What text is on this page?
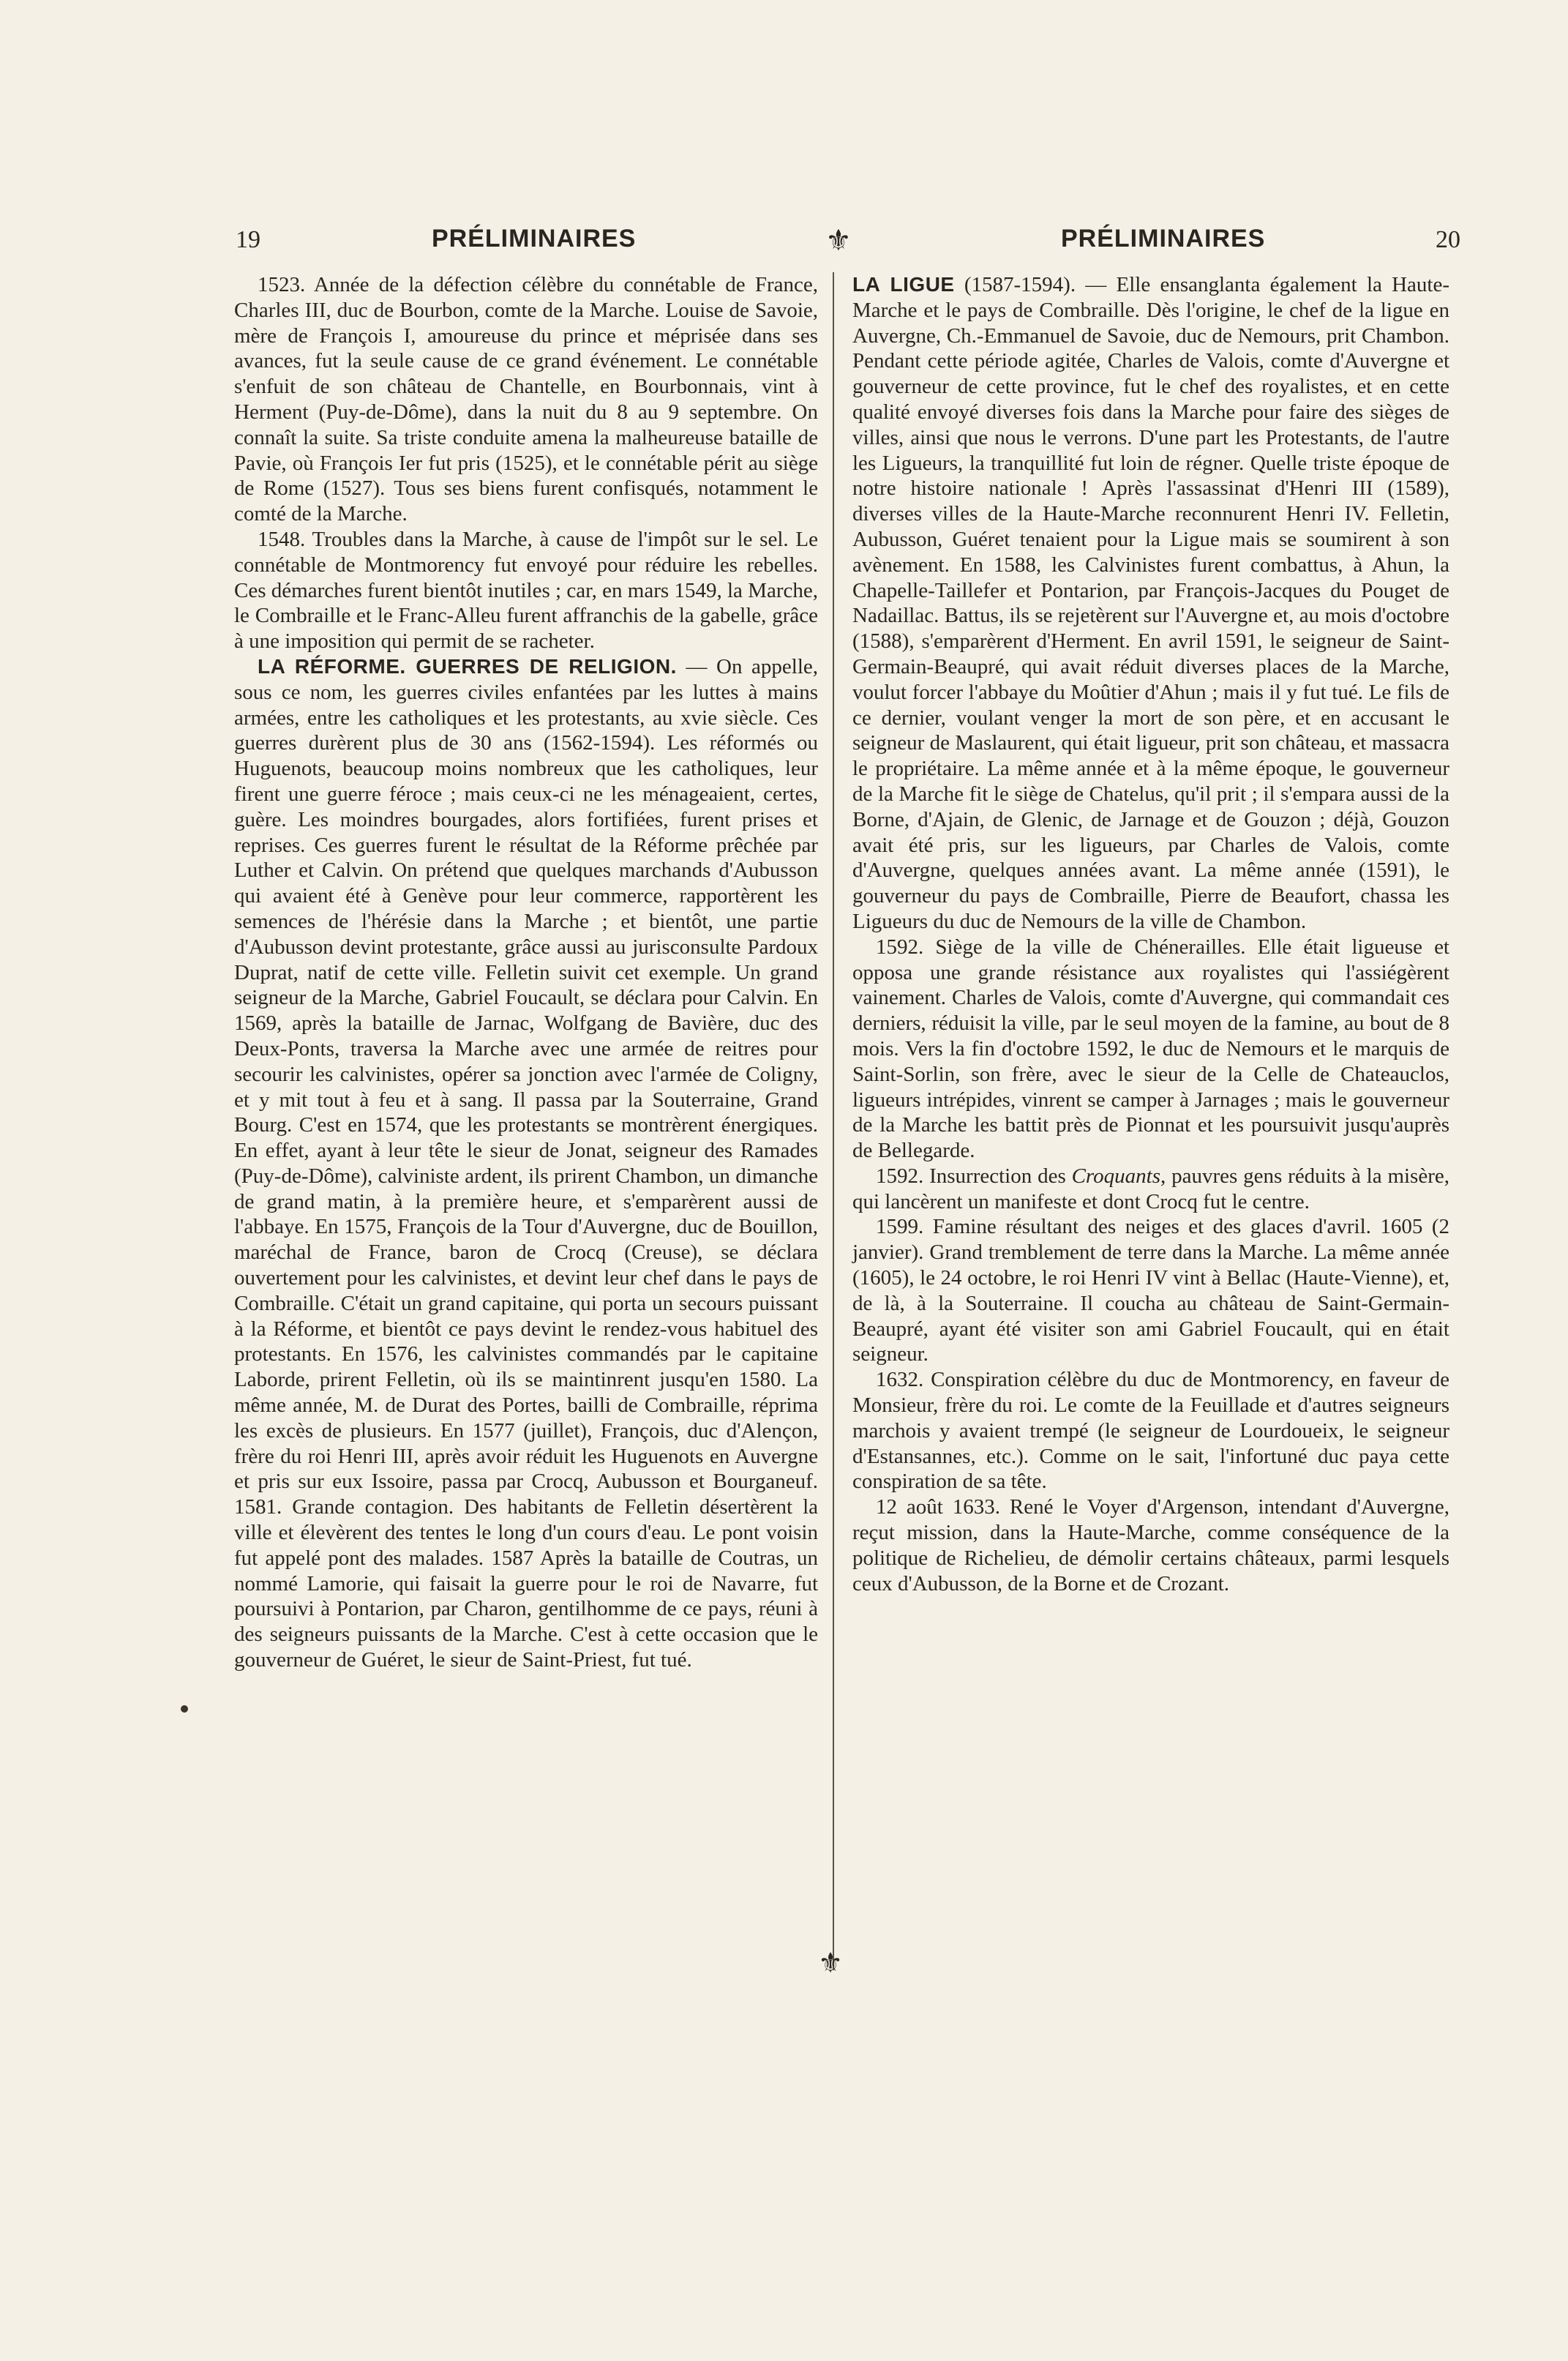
19	PRÉLIMINAIRES	⚜	PRÉLIMINAIRES	20

1523. Année de la défection célèbre du connétable de France, Charles III, duc de Bourbon, comte de la Marche. Louise de Savoie, mère de François I, amoureuse du prince et méprisée dans ses avances, fut la seule cause de ce grand événement. Le connétable s'enfuit de son château de Chantelle, en Bourbonnais, vint à Herment (Puy-de-Dôme), dans la nuit du 8 au 9 septembre. On connaît la suite. Sa triste conduite amena la malheureuse bataille de Pavie, où François Ier fut pris (1525), et le connétable périt au siège de Rome (1527). Tous ses biens furent confisqués, notamment le comté de la Marche.

1548. Troubles dans la Marche, à cause de l'impôt sur le sel. Le connétable de Montmorency fut envoyé pour réduire les rebelles. Ces démarches furent bientôt inutiles ; car, en mars 1549, la Marche, le Combraille et le Franc-Alleu furent affranchis de la gabelle, grâce à une imposition qui permit de se racheter.

LA RÉFORME. GUERRES DE RELIGION. — On appelle, sous ce nom, les guerres civiles enfantées par les luttes à mains armées, entre les catholiques et les protestants, au xvie siècle. Ces guerres durèrent plus de 30 ans (1562-1594). Les réformés ou Huguenots, beaucoup moins nombreux que les catholiques, leur firent une guerre féroce ; mais ceux-ci ne les ménageaient, certes, guère. Les moindres bourgades, alors fortifiées, furent prises et reprises. Ces guerres furent le résultat de la Réforme prêchée par Luther et Calvin. On prétend que quelques marchands d'Aubusson qui avaient été à Genève pour leur commerce, rapportèrent les semences de l'hérésie dans la Marche ; et bientôt, une partie d'Aubusson devint protestante, grâce aussi au jurisconsulte Pardoux Duprat, natif de cette ville. Felletin suivit cet exemple. Un grand seigneur de la Marche, Gabriel Foucault, se déclara pour Calvin. En 1569, après la bataille de Jarnac, Wolfgang de Bavière, duc des Deux-Ponts, traversa la Marche avec une armée de reitres pour secourir les calvinistes, opérer sa jonction avec l'armée de Coligny, et y mit tout à feu et à sang. Il passa par la Souterraine, Grand Bourg. C'est en 1574, que les protestants se montrèrent énergiques. En effet, ayant à leur tête le sieur de Jonat, seigneur des Ramades (Puy-de-Dôme), calviniste ardent, ils prirent Chambon, un dimanche de grand matin, à la première heure, et s'emparèrent aussi de l'abbaye. En 1575, François de la Tour d'Auvergne, duc de Bouillon, maréchal de France, baron de Crocq (Creuse), se déclara ouvertement pour les calvinistes, et devint leur chef dans le pays de Combraille. C'était un grand capitaine, qui porta un secours puissant à la Réforme, et bientôt ce pays devint le rendez-vous habituel des protestants. En 1576, les calvinistes commandés par le capitaine Laborde, prirent Felletin, où ils se maintinrent jusqu'en 1580. La même année, M. de Durat des Portes, bailli de Combraille, réprima les excès de plusieurs. En 1577 (juillet), François, duc d'Alençon, frère du roi Henri III, après avoir réduit les Huguenots en Auvergne et pris sur eux Issoire, passa par Crocq, Aubusson et Bourganeuf. 1581. Grande contagion. Des habitants de Felletin désertèrent la ville et élevèrent des tentes le long d'un cours d'eau. Le pont voisin fut appelé pont des malades. 1587 Après la bataille de Coutras, un nommé Lamorie, qui faisait la guerre pour le roi de Navarre, fut poursuivi à Pontarion, par Charon, gentilhomme de ce pays, réuni à des seigneurs puissants de la Marche. C'est à cette occasion que le gouverneur de Guéret, le sieur de Saint-Priest, fut tué.

LA LIGUE (1587-1594). — Elle ensanglanta également la Haute-Marche et le pays de Combraille. Dès l'origine, le chef de la ligue en Auvergne, Ch.-Emmanuel de Savoie, duc de Nemours, prit Chambon. Pendant cette période agitée, Charles de Valois, comte d'Auvergne et gouverneur de cette province, fut le chef des royalistes, et en cette qualité envoyé diverses fois dans la Marche pour faire des sièges de villes, ainsi que nous le verrons. D'une part les Protestants, de l'autre les Ligueurs, la tranquillité fut loin de régner. Quelle triste époque de notre histoire nationale ! Après l'assassinat d'Henri III (1589), diverses villes de la Haute-Marche reconnurent Henri IV. Felletin, Aubusson, Guéret tenaient pour la Ligue mais se soumirent à son avènement. En 1588, les Calvinistes furent combattus, à Ahun, la Chapelle-Taillefer et Pontarion, par François-Jacques du Pouget de Nadaillac. Battus, ils se rejetèrent sur l'Auvergne et, au mois d'octobre (1588), s'emparèrent d'Herment. En avril 1591, le seigneur de Saint-Germain-Beaupré, qui avait réduit diverses places de la Marche, voulut forcer l'abbaye du Moûtier d'Ahun ; mais il y fut tué. Le fils de ce dernier, voulant venger la mort de son père, et en accusant le seigneur de Maslaurent, qui était ligueur, prit son château, et massacra le propriétaire. La même année et à la même époque, le gouverneur de la Marche fit le siège de Chatelus, qu'il prit ; il s'empara aussi de la Borne, d'Ajain, de Glenic, de Jarnage et de Gouzon ; déjà, Gouzon avait été pris, sur les ligueurs, par Charles de Valois, comte d'Auvergne, quelques années avant. La même année (1591), le gouverneur du pays de Combraille, Pierre de Beaufort, chassa les Ligueurs du duc de Nemours de la ville de Chambon.

1592. Siège de la ville de Chénerailles. Elle était ligueuse et opposa une grande résistance aux royalistes qui l'assiégèrent vainement. Charles de Valois, comte d'Auvergne, qui commandait ces derniers, réduisit la ville, par le seul moyen de la famine, au bout de 8 mois. Vers la fin d'octobre 1592, le duc de Nemours et le marquis de Saint-Sorlin, son frère, avec le sieur de la Celle de Chateauclos, ligueurs intrépides, vinrent se camper à Jarnages ; mais le gouverneur de la Marche les battit près de Pionnat et les poursuivit jusqu'auprès de Bellegarde.

1592. Insurrection des Croquants, pauvres gens réduits à la misère, qui lancèrent un manifeste et dont Crocq fut le centre.

1599. Famine résultant des neiges et des glaces d'avril. 1605 (2 janvier). Grand tremblement de terre dans la Marche. La même année (1605), le 24 octobre, le roi Henri IV vint à Bellac (Haute-Vienne), et, de là, à la Souterraine. Il coucha au château de Saint-Germain-Beaupré, ayant été visiter son ami Gabriel Foucault, qui en était seigneur.

1632. Conspiration célèbre du duc de Montmorency, en faveur de Monsieur, frère du roi. Le comte de la Feuillade et d'autres seigneurs marchois y avaient trempé (le seigneur de Lourdoueix, le seigneur d'Estansannes, etc.). Comme on le sait, l'infortuné duc paya cette conspiration de sa tête.

12 août 1633. René le Voyer d'Argenson, intendant d'Auvergne, reçut mission, dans la Haute-Marche, comme conséquence de la politique de Richelieu, de démolir certains châteaux, parmi lesquels ceux d'Aubusson, de la Borne et de Crozant.

⚜
